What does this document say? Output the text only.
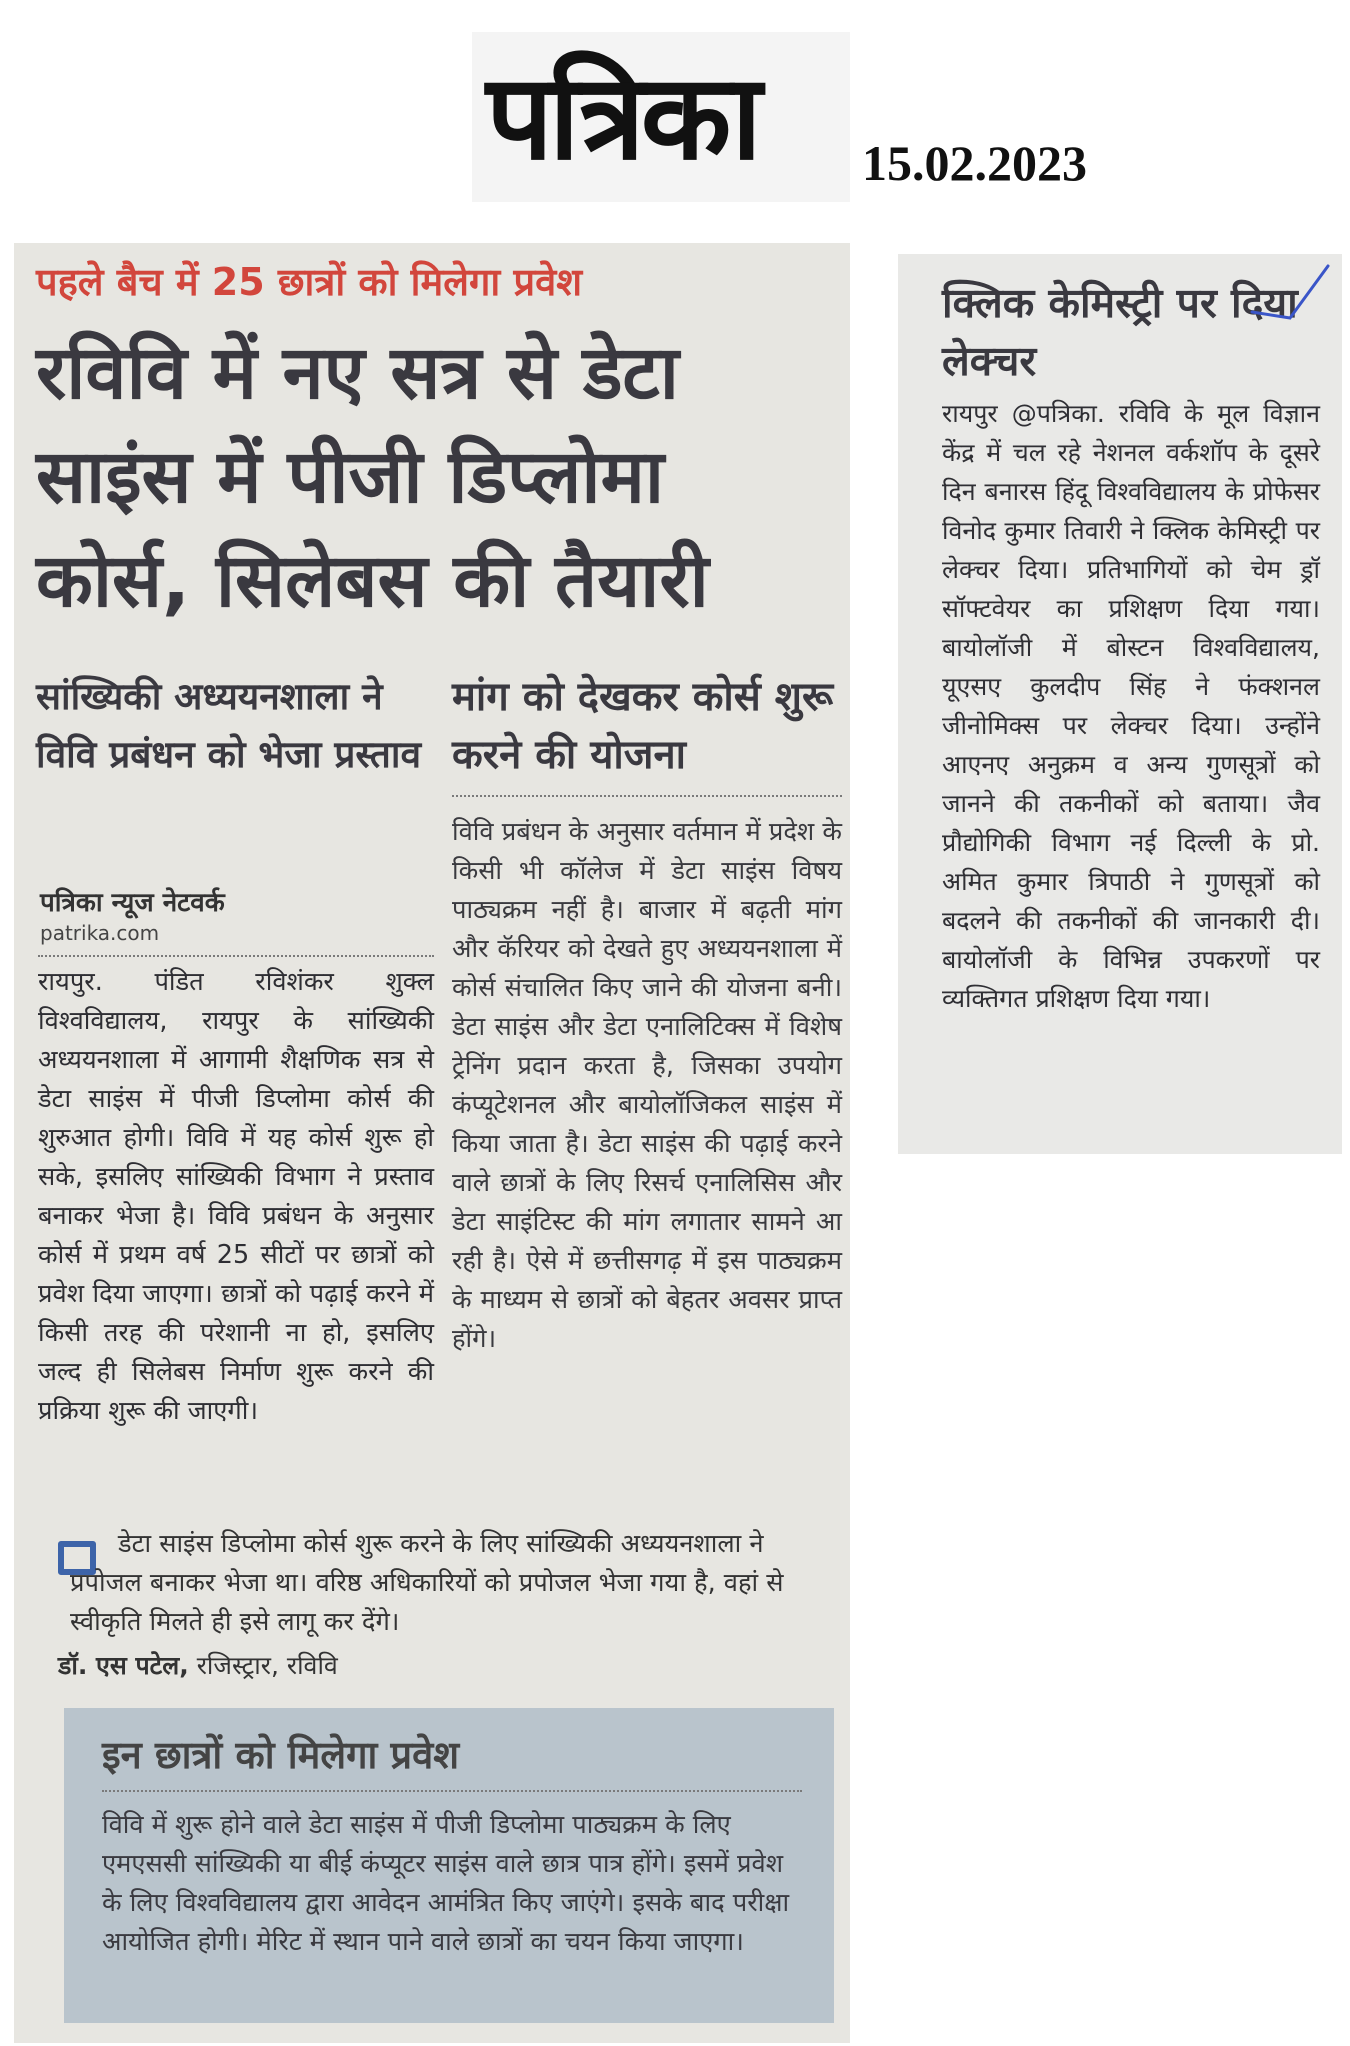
पत्रिका 15.02.2023
पहले बैच में 25 छात्रों को मिलेगा प्रवेश
रविवि में नए सत्र से डेटा साइंस में पीजी डिप्लोमा कोर्स, सिलेबस की तैयारी
सांख्यिकी अध्ययनशाला ने विवि प्रबंधन को भेजा प्रस्ताव
मांग को देखकर कोर्स शुरू करने की योजना
पत्रिका न्यूज नेटवर्क
patrika.com

रायपुर. पंडित रविशंकर शुक्ल विश्वविद्यालय, रायपुर के सांख्यिकी अध्ययनशाला में आगामी शैक्षणिक सत्र से डेटा साइंस में पीजी डिप्लोमा कोर्स की शुरुआत होगी। विवि में यह कोर्स शुरू हो सके, इसलिए सांख्यिकी विभाग ने प्रस्ताव बनाकर भेजा है। विवि प्रबंधन के अनुसार कोर्स में प्रथम वर्ष 25 सीटों पर छात्रों को प्रवेश दिया जाएगा। छात्रों को पढ़ाई करने में किसी तरह की परेशानी ना हो, इसलिए जल्द ही सिलेबस निर्माण शुरू करने की प्रक्रिया शुरू की जाएगी।

विवि प्रबंधन के अनुसार वर्तमान में प्रदेश के किसी भी कॉलेज में डेटा साइंस विषय पाठ्यक्रम नहीं है। बाजार में बढ़ती मांग और कॅरियर को देखते हुए अध्ययनशाला में कोर्स संचालित किए जाने की योजना बनी। डेटा साइंस और डेटा एनालिटिक्स में विशेष ट्रेनिंग प्रदान करता है, जिसका उपयोग कंप्यूटेशनल और बायोलॉजिकल साइंस में किया जाता है। डेटा साइंस की पढ़ाई करने वाले छात्रों के लिए रिसर्च एनालिसिस और डेटा साइंटिस्ट की मांग लगातार सामने आ रही है। ऐसे में छत्तीसगढ़ में इस पाठ्यक्रम के माध्यम से छात्रों को बेहतर अवसर प्राप्त होंगे।

डेटा साइंस डिप्लोमा कोर्स शुरू करने के लिए सांख्यिकी अध्ययनशाला ने प्रपोजल बनाकर भेजा था। वरिष्ठ अधिकारियों को प्रपोजल भेजा गया है, वहां से स्वीकृति मिलते ही इसे लागू कर देंगे।

डॉ. एस पटेल, रजिस्ट्रार, रविवि
इन छात्रों को मिलेगा प्रवेश

विवि में शुरू होने वाले डेटा साइंस में पीजी डिप्लोमा पाठ्यक्रम के लिए एमएससी सांख्यिकी या बीई कंप्यूटर साइंस वाले छात्र पात्र होंगे। इसमें प्रवेश के लिए विश्वविद्यालय द्वारा आवेदन आमंत्रित किए जाएंगे। इसके बाद परीक्षा आयोजित होगी। मेरिट में स्थान पाने वाले छात्रों का चयन किया जाएगा।

क्लिक केमिस्ट्री पर दिया लेक्चर

रायपुर @पत्रिका. रविवि के मूल विज्ञान केंद्र में चल रहे नेशनल वर्कशॉप के दूसरे दिन बनारस हिंदू विश्वविद्यालय के प्रोफेसर विनोद कुमार तिवारी ने क्लिक केमिस्ट्री पर लेक्चर दिया। प्रतिभागियों को चेम ड्रॉ सॉफ्टवेयर का प्रशिक्षण दिया गया। बायोलॉजी में बोस्टन विश्वविद्यालय, यूएसए कुलदीप सिंह ने फंक्शनल जीनोमिक्स पर लेक्चर दिया। उन्होंने आएनए अनुक्रम व अन्य गुणसूत्रों को जानने की तकनीकों को बताया। जैव प्रौद्योगिकी विभाग नई दिल्ली के प्रो. अमित कुमार त्रिपाठी ने गुणसूत्रों को बदलने की तकनीकों की जानकारी दी। बायोलॉजी के विभिन्न उपकरणों पर व्यक्तिगत प्रशिक्षण दिया गया।
